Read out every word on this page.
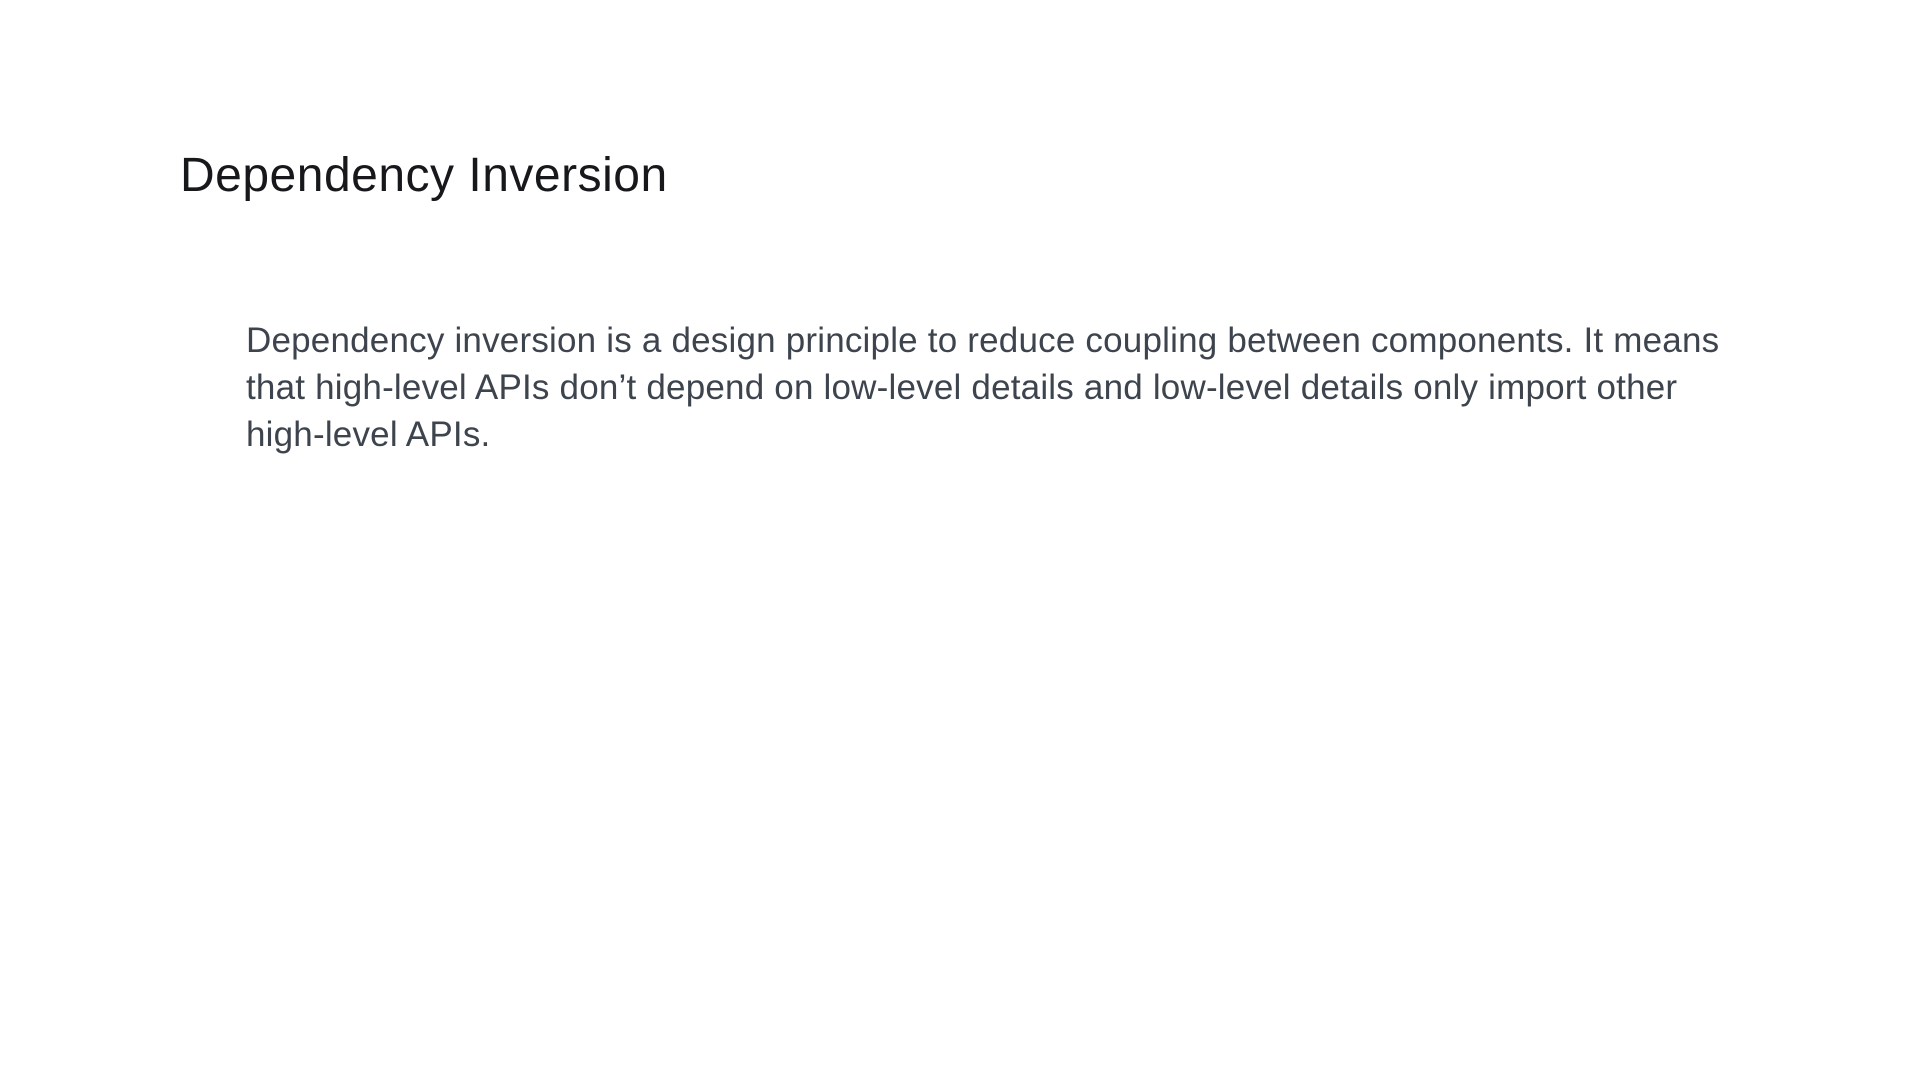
Dependency Inversion

Dependency inversion is a design principle to reduce coupling between components. It means
that high-level APIs don’t depend on low-level details and low-level details only import other
high-level APIs.
